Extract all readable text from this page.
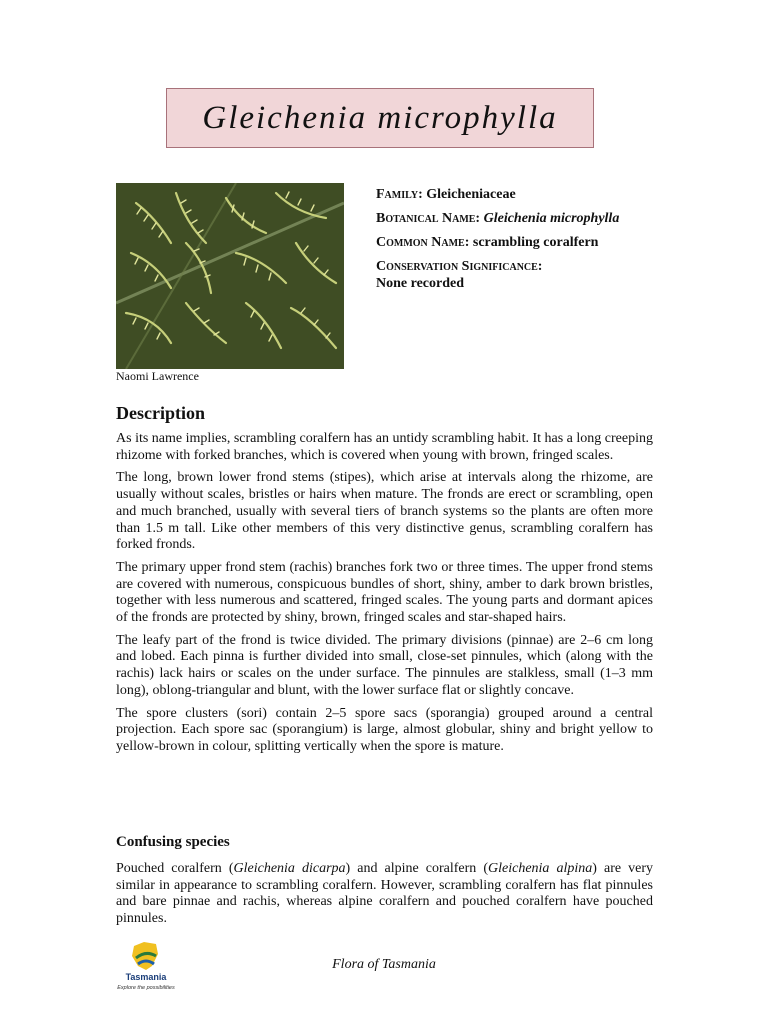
Gleichenia microphylla
Naomi Lawrence
Family: Gleicheniaceae
Botanical Name: Gleichenia microphylla
Common Name: scrambling coralfern
Conservation Significance:
None recorded
Description

As its name implies, scrambling coralfern has an untidy scrambling habit. It has a long creeping rhizome with forked branches, which is covered when young with brown, fringed scales.

The long, brown lower frond stems (stipes), which arise at intervals along the rhizome, are usually without scales, bristles or hairs when mature. The fronds are erect or scrambling, open and much branched, usually with several tiers of branch systems so the plants are often more than 1.5 m tall. Like other members of this very distinctive genus, scrambling coralfern has forked fronds.

The primary upper frond stem (rachis) branches fork two or three times. The upper frond stems are covered with numerous, conspicuous bundles of short, shiny, amber to dark brown bristles, together with less numerous and scattered, fringed scales. The young parts and dormant apices of the fronds are protected by shiny, brown, fringed scales and star-shaped hairs.

The leafy part of the frond is twice divided. The primary divisions (pinnae) are 2–6 cm long and lobed. Each pinna is further divided into small, close-set pinnules, which (along with the rachis) lack hairs or scales on the under surface. The pinnules are stalkless, small (1–3 mm long), oblong-triangular and blunt, with the lower surface flat or slightly concave.

The spore clusters (sori) contain 2–5 spore sacs (sporangia) grouped around a central projection. Each spore sac (sporangium) is large, almost globular, shiny and bright yellow to yellow-brown in colour, splitting vertically when the spore is mature.

Confusing species

Pouched coralfern (Gleichenia dicarpa) and alpine coralfern (Gleichenia alpina) are very similar in appearance to scrambling coralfern. However, scrambling coralfern has flat pinnules and bare pinnae and rachis, whereas alpine coralfern and pouched coralfern have pouched pinnules.

Tasmania
Explore the possibilities
Flora of Tasmania
